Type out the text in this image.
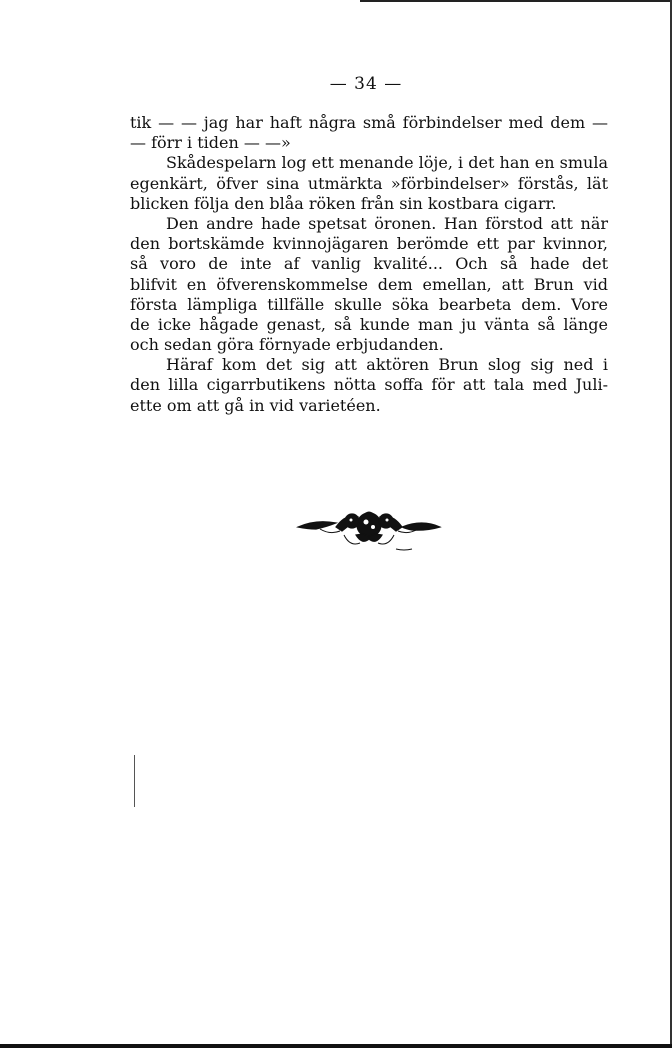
— 34 —
tik — — jag har haft några små förbindelser med dem —
— förr i tiden — —»
Skådespelarn log ett menande löje, i det han en smula
egenkärt, öfver sina utmärkta »förbindelser» förstås, lät
blicken följa den blåa röken från sin kostbara cigarr.
Den andre hade spetsat öronen. Han förstod att när
den bortskämde kvinnojägaren berömde ett par kvinnor,
så voro de inte af vanlig kvalité... Och så hade det
blifvit en öfverenskommelse dem emellan, att Brun vid
första lämpliga tillfälle skulle söka bearbeta dem. Vore
de icke hågade genast, så kunde man ju vänta så länge
och sedan göra förnyade erbjudanden.
Häraf kom det sig att aktören Brun slog sig ned i
den lilla cigarrbutikens nötta soffa för att tala med Juli-
ette om att gå in vid varietéen.
